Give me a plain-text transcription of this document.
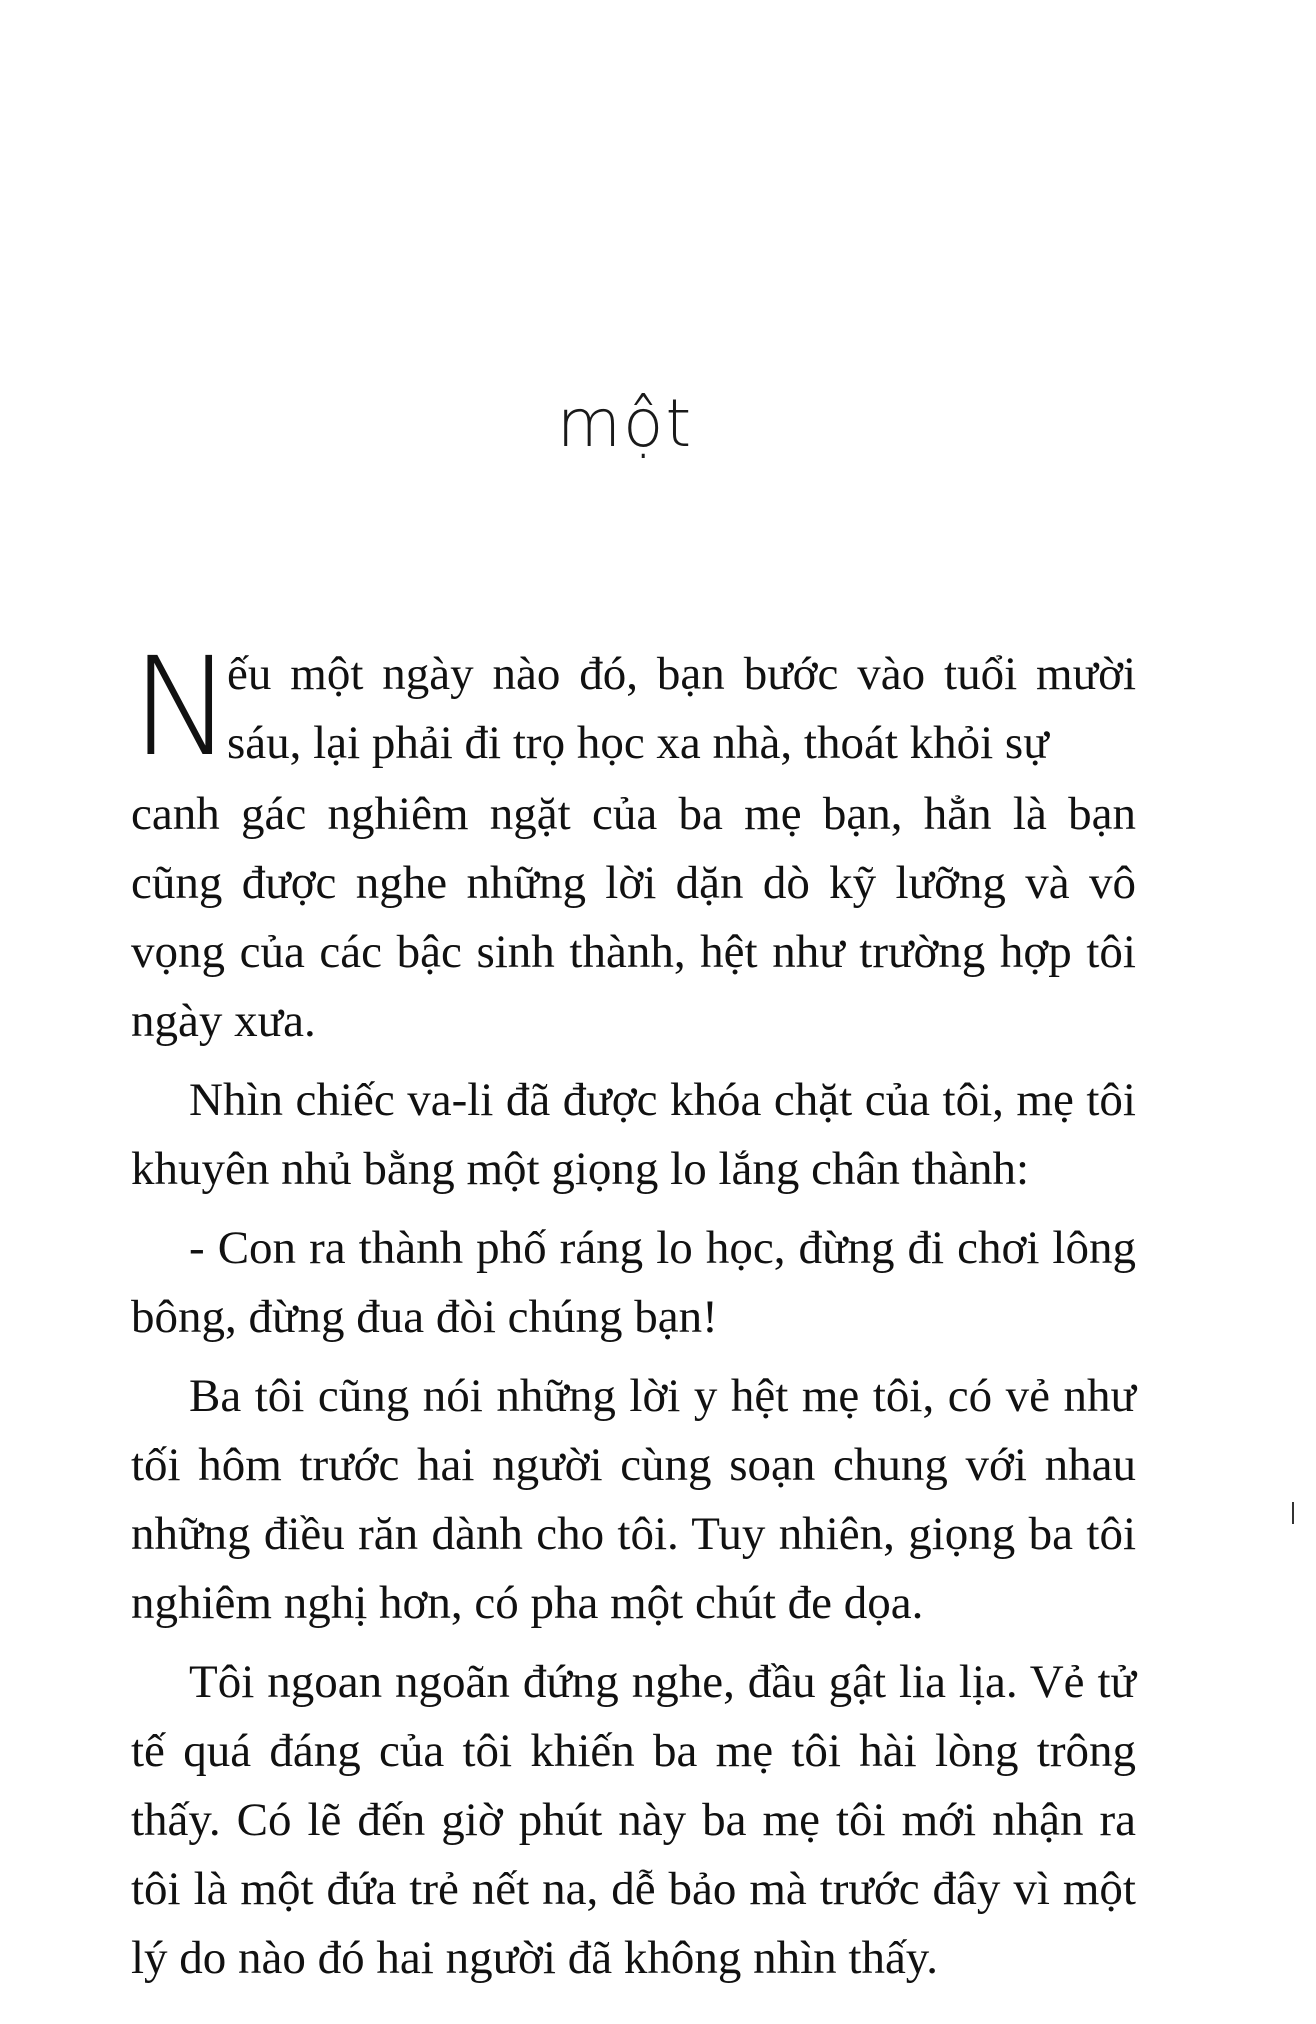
một

N
ếu một ngày nào đó, bạn bước vào tuổi mười sáu, lại phải đi trọ học xa nhà, thoát khỏi sự

canh gác nghiêm ngặt của ba mẹ bạn, hẳn là bạn cũng được nghe những lời dặn dò kỹ lưỡng và vô vọng của các bậc sinh thành, hệt như trường hợp tôi ngày xưa.

Nhìn chiếc va-li đã được khóa chặt của tôi, mẹ tôi khuyên nhủ bằng một giọng lo lắng chân thành:

- Con ra thành phố ráng lo học, đừng đi chơi lông bông, đừng đua đòi chúng bạn!

Ba tôi cũng nói những lời y hệt mẹ tôi, có vẻ như tối hôm trước hai người cùng soạn chung với nhau những điều răn dành cho tôi. Tuy nhiên, giọng ba tôi nghiêm nghị hơn, có pha một chút đe dọa.

Tôi ngoan ngoãn đứng nghe, đầu gật lia lịa. Vẻ tử tế quá đáng của tôi khiến ba mẹ tôi hài lòng trông thấy. Có lẽ đến giờ phút này ba mẹ tôi mới nhận ra tôi là một đứa trẻ nết na, dễ bảo mà trước đây vì một lý do nào đó hai người đã không nhìn thấy.
